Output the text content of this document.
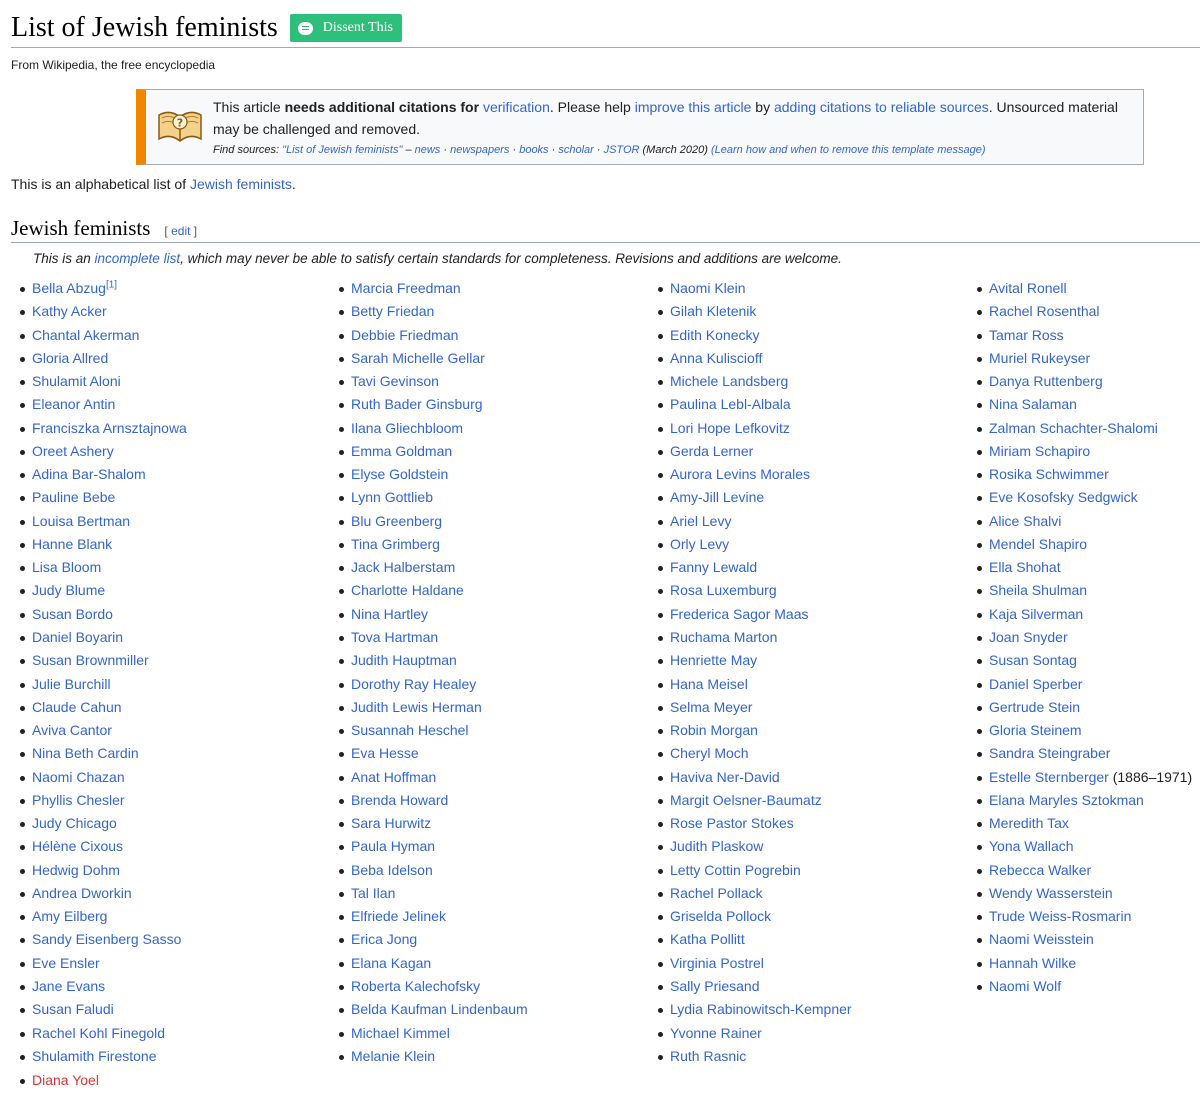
List of Jewish feminists	Dissent This
From Wikipedia, the free encyclopedia
?
This article needs additional citations for verification. Please help improve this article by adding citations to reliable sources. Unsourced material may be challenged and removed.
Find sources: "List of Jewish feminists" – news · newspapers · books · scholar · JSTOR (March 2020) (Learn how and when to remove this template message)
This is an alphabetical list of Jewish feminists.
Jewish feminists [ edit ]
This is an incomplete list, which may never be able to satisfy certain standards for completeness. Revisions and additions are welcome.
Bella Abzug[1]
Kathy Acker
Chantal Akerman
Gloria Allred
Shulamit Aloni
Eleanor Antin
Franciszka Arnsztajnowa
Oreet Ashery
Adina Bar-Shalom
Pauline Bebe
Louisa Bertman
Hanne Blank
Lisa Bloom
Judy Blume
Susan Bordo
Daniel Boyarin
Susan Brownmiller
Julie Burchill
Claude Cahun
Aviva Cantor
Nina Beth Cardin
Naomi Chazan
Phyllis Chesler
Judy Chicago
Hélène Cixous
Hedwig Dohm
Andrea Dworkin
Amy Eilberg
Sandy Eisenberg Sasso
Eve Ensler
Jane Evans
Susan Faludi
Rachel Kohl Finegold
Shulamith Firestone
Marcia Freedman
Betty Friedan
Debbie Friedman
Sarah Michelle Gellar
Tavi Gevinson
Ruth Bader Ginsburg
Ilana Gliechbloom
Emma Goldman
Elyse Goldstein
Lynn Gottlieb
Blu Greenberg
Tina Grimberg
Jack Halberstam
Charlotte Haldane
Nina Hartley
Tova Hartman
Judith Hauptman
Dorothy Ray Healey
Judith Lewis Herman
Susannah Heschel
Eva Hesse
Anat Hoffman
Brenda Howard
Sara Hurwitz
Paula Hyman
Beba Idelson
Tal Ilan
Elfriede Jelinek
Erica Jong
Elana Kagan
Roberta Kalechofsky
Belda Kaufman Lindenbaum
Michael Kimmel
Melanie Klein
Naomi Klein
Gilah Kletenik
Edith Konecky
Anna Kuliscioff
Michele Landsberg
Paulina Lebl-Albala
Lori Hope Lefkovitz
Gerda Lerner
Aurora Levins Morales
Amy-Jill Levine
Ariel Levy
Orly Levy
Fanny Lewald
Rosa Luxemburg
Frederica Sagor Maas
Ruchama Marton
Henriette May
Hana Meisel
Selma Meyer
Robin Morgan
Cheryl Moch
Haviva Ner-David
Margit Oelsner-Baumatz
Rose Pastor Stokes
Judith Plaskow
Letty Cottin Pogrebin
Rachel Pollack
Griselda Pollock
Katha Pollitt
Virginia Postrel
Sally Priesand
Lydia Rabinowitsch-Kempner
Yvonne Rainer
Ruth Rasnic
Avital Ronell
Rachel Rosenthal
Tamar Ross
Muriel Rukeyser
Danya Ruttenberg
Nina Salaman
Zalman Schachter-Shalomi
Miriam Schapiro
Rosika Schwimmer
Eve Kosofsky Sedgwick
Alice Shalvi
Mendel Shapiro
Ella Shohat
Sheila Shulman
Kaja Silverman
Joan Snyder
Susan Sontag
Daniel Sperber
Gertrude Stein
Gloria Steinem
Sandra Steingraber
Estelle Sternberger (1886–1971)
Elana Maryles Sztokman
Meredith Tax
Yona Wallach
Rebecca Walker
Wendy Wasserstein
Trude Weiss-Rosmarin
Naomi Weisstein
Hannah Wilke
Naomi Wolf
Diana Yoel
